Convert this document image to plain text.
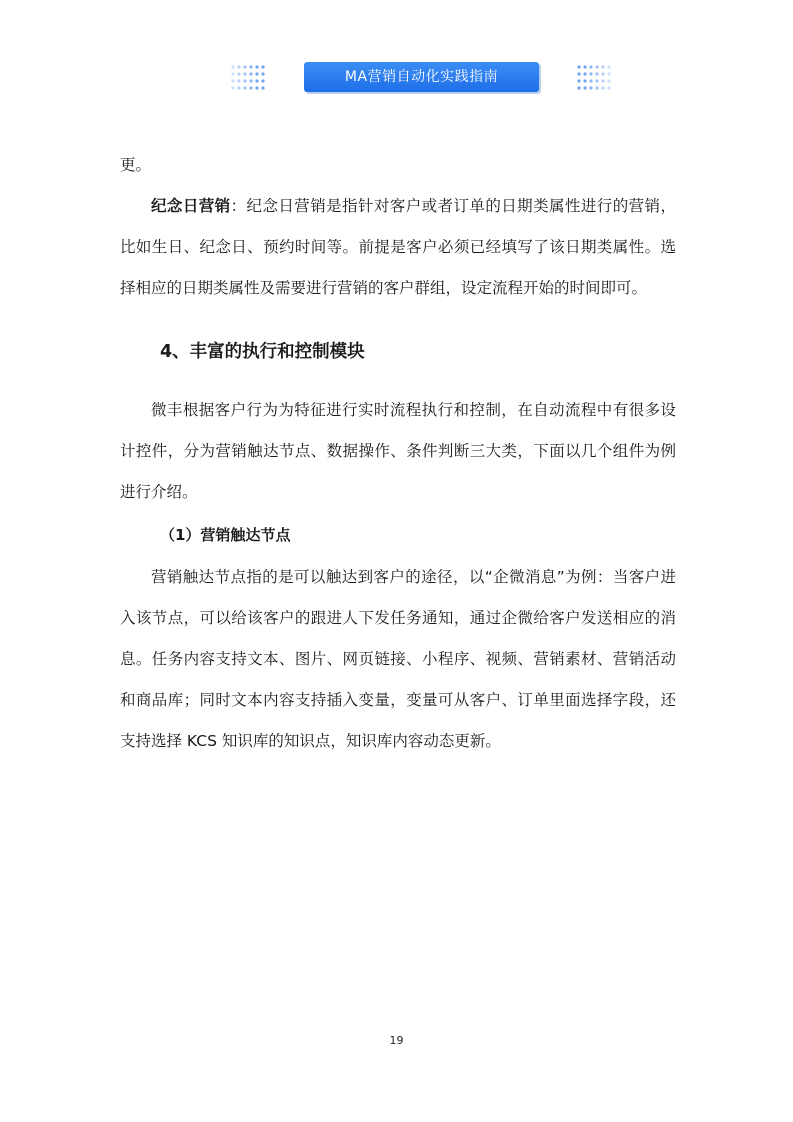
MA营销自动化实践指南

更。

纪念日营销：纪念日营销是指针对客户或者订单的日期类属性进行的营销，比如生日、纪念日、预约时间等。前提是客户必须已经填写了该日期类属性。选择相应的日期类属性及需要进行营销的客户群组，设定流程开始的时间即可。

4、丰富的执行和控制模块

微丰根据客户行为为特征进行实时流程执行和控制，在自动流程中有很多设计控件，分为营销触达节点、数据操作、条件判断三大类，下面以几个组件为例进行介绍。

（1）营销触达节点

营销触达节点指的是可以触达到客户的途径，以“企微消息”为例：当客户进入该节点，可以给该客户的跟进人下发任务通知，通过企微给客户发送相应的消息。任务内容支持文本、图片、网页链接、小程序、视频、营销素材、营销活动和商品库；同时文本内容支持插入变量，变量可从客户、订单里面选择字段，还支持选择 KCS 知识库的知识点，知识库内容动态更新。

19
